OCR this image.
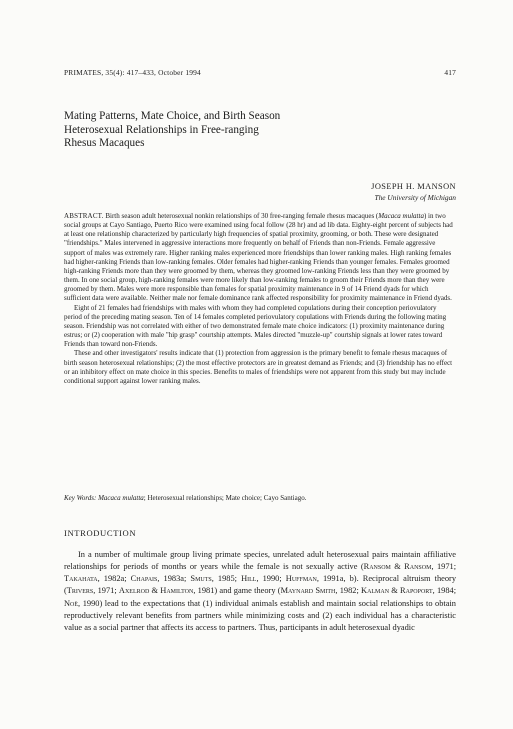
PRIMATES, 35(4): 417–433, October 1994	417
Mating Patterns, Mate Choice, and Birth Season
Heterosexual Relationships in Free-ranging
Rhesus Macaques
JOSEPH H. MANSON
The University of Michigan

ABSTRACT. Birth season adult heterosexual nonkin relationships of 30 free-ranging female rhesus macaques (Macaca mulatta) in two social groups at Cayo Santiago, Puerto Rico were examined using focal follow (28 hr) and ad lib data. Eighty-eight percent of subjects had at least one relationship characterized by particularly high frequencies of spatial proximity, grooming, or both. These were designated "friendships." Males intervened in aggressive interactions more frequently on behalf of Friends than non-Friends. Female aggressive support of males was extremely rare. Higher ranking males experienced more friendships than lower ranking males. High ranking females had higher-ranking Friends than low-ranking females. Older females had higher-ranking Friends than younger females. Females groomed high-ranking Friends more than they were groomed by them, whereas they groomed low-ranking Friends less than they were groomed by them. In one social group, high-ranking females were more likely than low-ranking females to groom their Friends more than they were groomed by them. Males were more responsible than females for spatial proximity maintenance in 9 of 14 Friend dyads for which sufficient data were available. Neither male nor female dominance rank affected responsibility for proximity maintenance in Friend dyads.

Eight of 21 females had friendships with males with whom they had completed copulations during their conception periovulatory period of the preceding mating season. Ten of 14 females completed periovulatory copulations with Friends during the following mating season. Friendship was not correlated with either of two demonstrated female mate choice indicators: (1) proximity maintenance during estrus; or (2) cooperation with male "hip grasp" courtship attempts. Males directed "muzzle-up" courtship signals at lower rates toward Friends than toward non-Friends.

These and other investigators' results indicate that (1) protection from aggression is the primary benefit to female rhesus macaques of birth season heterosexual relationships; (2) the most effective protectors are in greatest demand as Friends; and (3) friendship has no effect or an inhibitory effect on mate choice in this species. Benefits to males of friendships were not apparent from this study but may include conditional support against lower ranking males.

Key Words: Macaca mulatta; Heterosexual relationships; Mate choice; Cayo Santiago.
INTRODUCTION

In a number of multimale group living primate species, unrelated adult heterosexual pairs maintain affiliative relationships for periods of months or years while the female is not sexually active (Ransom & Ransom, 1971; Takahata, 1982a; Chapais, 1983a; Smuts, 1985; Hill, 1990; Huffman, 1991a, b). Reciprocal altruism theory (Trivers, 1971; Axelrod & Hamilton, 1981) and game theory (Maynard Smith, 1982; Kalman & Rapoport, 1984; Noë, 1990) lead to the expectations that (1) individual animals establish and maintain social relationships to obtain reproductively relevant benefits from partners while minimizing costs and (2) each individual has a characteristic value as a social partner that affects its access to partners. Thus, participants in adult heterosexual dyadic
